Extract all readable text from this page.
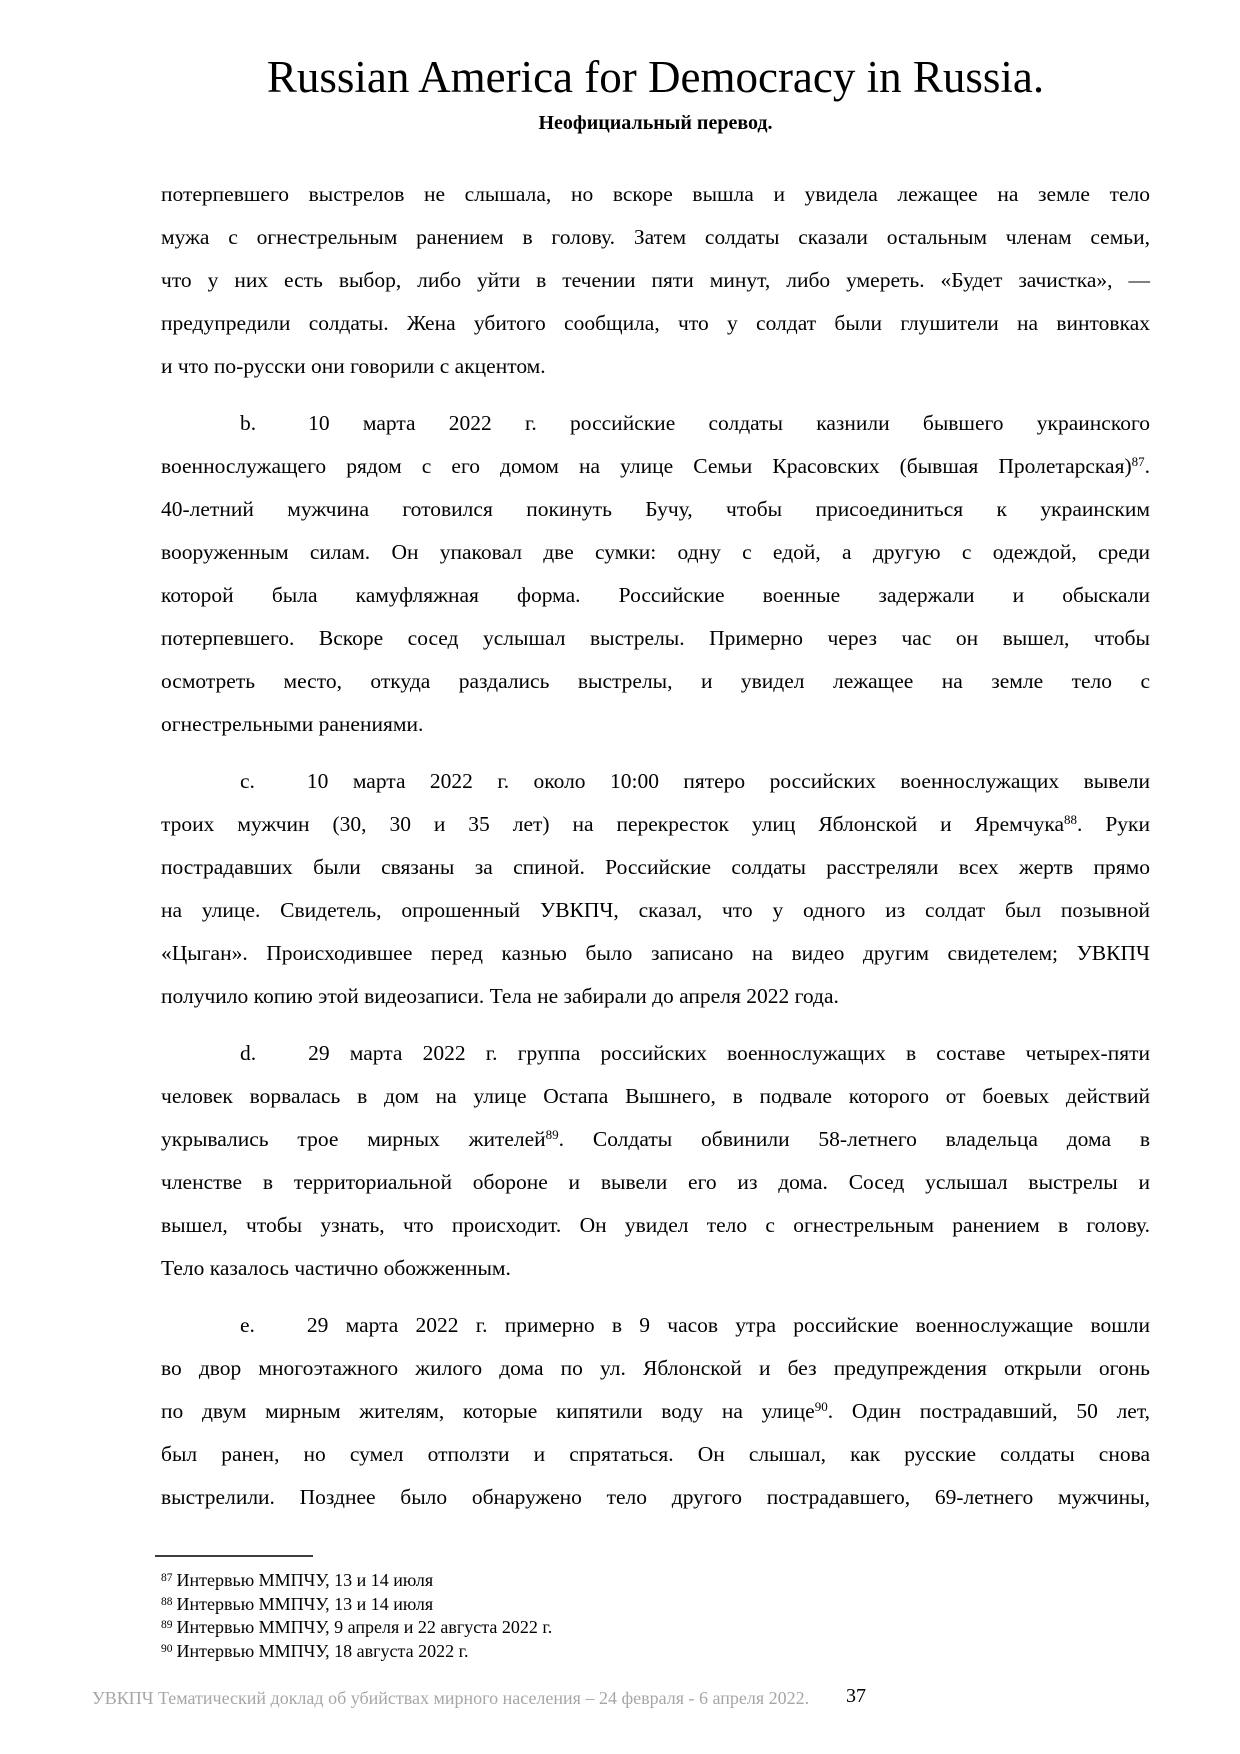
Russian America for Democracy in Russia.
Неофициальный перевод.
потерпевшего выстрелов не слышала, но вскоре вышла и увидела лежащее на земле тело
мужа с огнестрельным ранением в голову. Затем солдаты сказали остальным членам семьи,
что у них есть выбор, либо уйти в течении пяти минут, либо умереть. «Будет зачистка», —
предупредили солдаты. Жена убитого сообщила, что у солдат были глушители на винтовках
и что по-русски они говорили с акцентом.
b. 10 марта 2022 г. российские солдаты казнили бывшего украинского
военнослужащего рядом с его домом на улице Семьи Красовских (бывшая Пролетарская)$^{87}$.
40-летний мужчина готовился покинуть Бучу, чтобы присоединиться к украинским
вооруженным силам. Он упаковал две сумки: одну с едой, а другую с одеждой, среди
которой была камуфляжная форма. Российские военные задержали и обыскали
потерпевшего. Вскоре сосед услышал выстрелы. Примерно через час он вышел, чтобы
осмотреть место, откуда раздались выстрелы, и увидел лежащее на земле тело с
огнестрельными ранениями.
c. 10 марта 2022 г. около 10:00 пятеро российских военнослужащих вывели
троих мужчин (30, 30 и 35 лет) на перекресток улиц Яблонской и Яремчука$^{88}$. Руки
пострадавших были связаны за спиной. Российские солдаты расстреляли всех жертв прямо
на улице. Свидетель, опрошенный УВКПЧ, сказал, что у одного из солдат был позывной
«Цыган». Происходившее перед казнью было записано на видео другим свидетелем; УВКПЧ
получило копию этой видеозаписи. Тела не забирали до апреля 2022 года.
d. 29 марта 2022 г. группа российских военнослужащих в составе четырех-пяти
человек ворвалась в дом на улице Остапа Вышнего, в подвале которого от боевых действий
укрывались трое мирных жителей$^{89}$. Солдаты обвинили 58-летнего владельца дома в
членстве в территориальной обороне и вывели его из дома. Сосед услышал выстрелы и
вышел, чтобы узнать, что происходит. Он увидел тело с огнестрельным ранением в голову.
Тело казалось частично обожженным.
e. 29 марта 2022 г. примерно в 9 часов утра российские военнослужащие вошли
во двор многоэтажного жилого дома по ул. Яблонской и без предупреждения открыли огонь
по двум мирным жителям, которые кипятили воду на улице$^{90}$. Один пострадавший, 50 лет,
был ранен, но сумел отползти и спрятаться. Он слышал, как русские солдаты снова
выстрелили. Позднее было обнаружено тело другого пострадавшего, 69-летнего мужчины,
$^{87}$ Интервью ММПЧУ, 13 и 14 июля
$^{88}$ Интервью ММПЧУ, 13 и 14 июля
$^{89}$ Интервью ММПЧУ, 9 апреля и 22 августа 2022 г.
$^{90}$ Интервью ММПЧУ, 18 августа 2022 г.
УВКПЧ Тематический доклад об убийствах мирного населения – 24 февраля - 6 апреля 2022. 37
